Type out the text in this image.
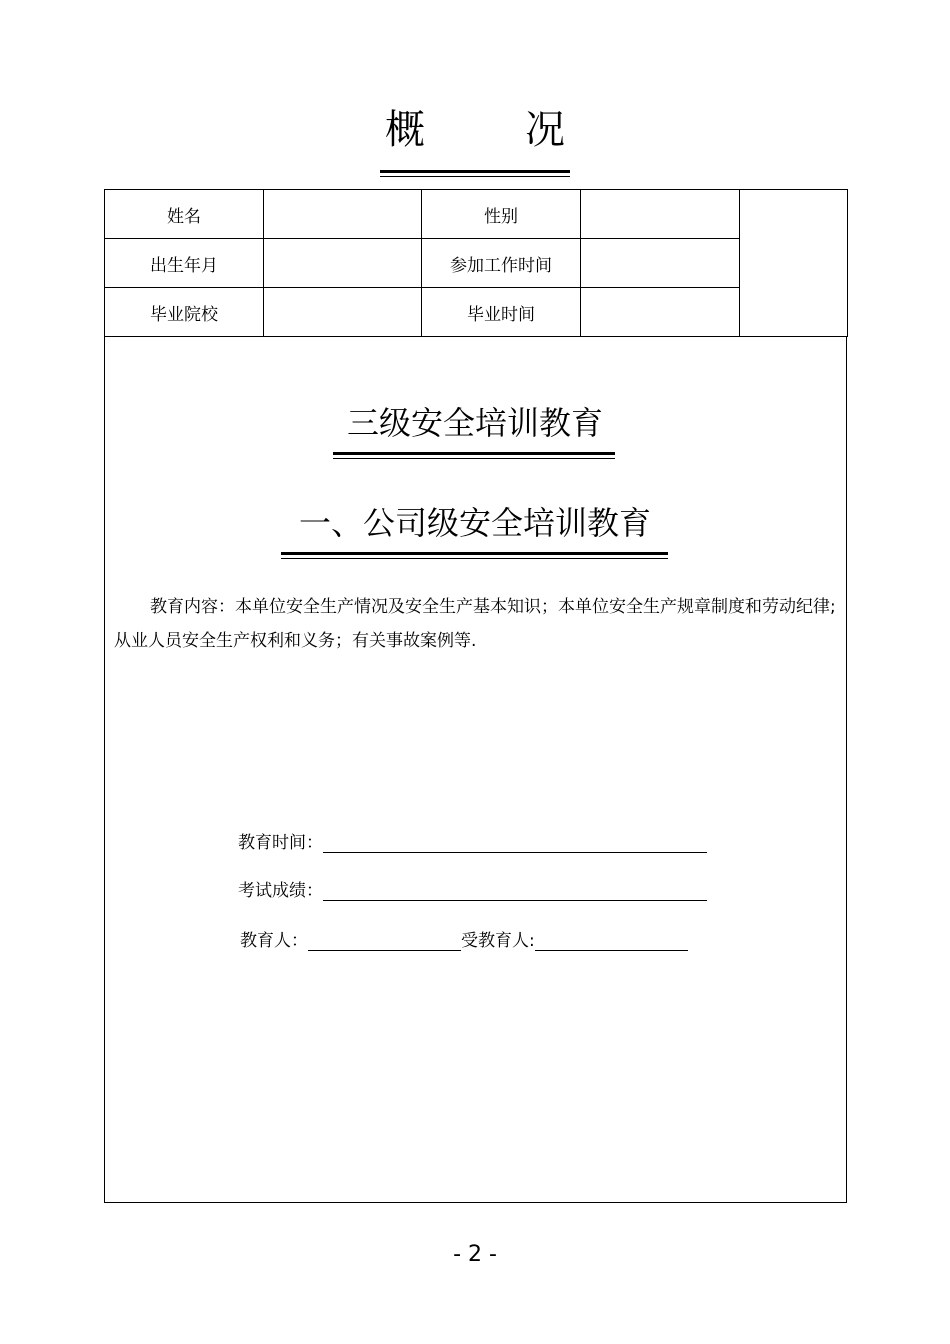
概	况
姓名		性别		
出生年月		参加工作时间		
毕业院校		毕业时间		
三级安全培训教育
一、公司级安全培训教育
教育内容：本单位安全生产情况及安全生产基本知识；本单位安全生产规章制度和劳动纪律;从业人员安全生产权利和义务；有关事故案例等.
教育时间：
考试成绩：
教育人：	受教育人:
- 2 -
